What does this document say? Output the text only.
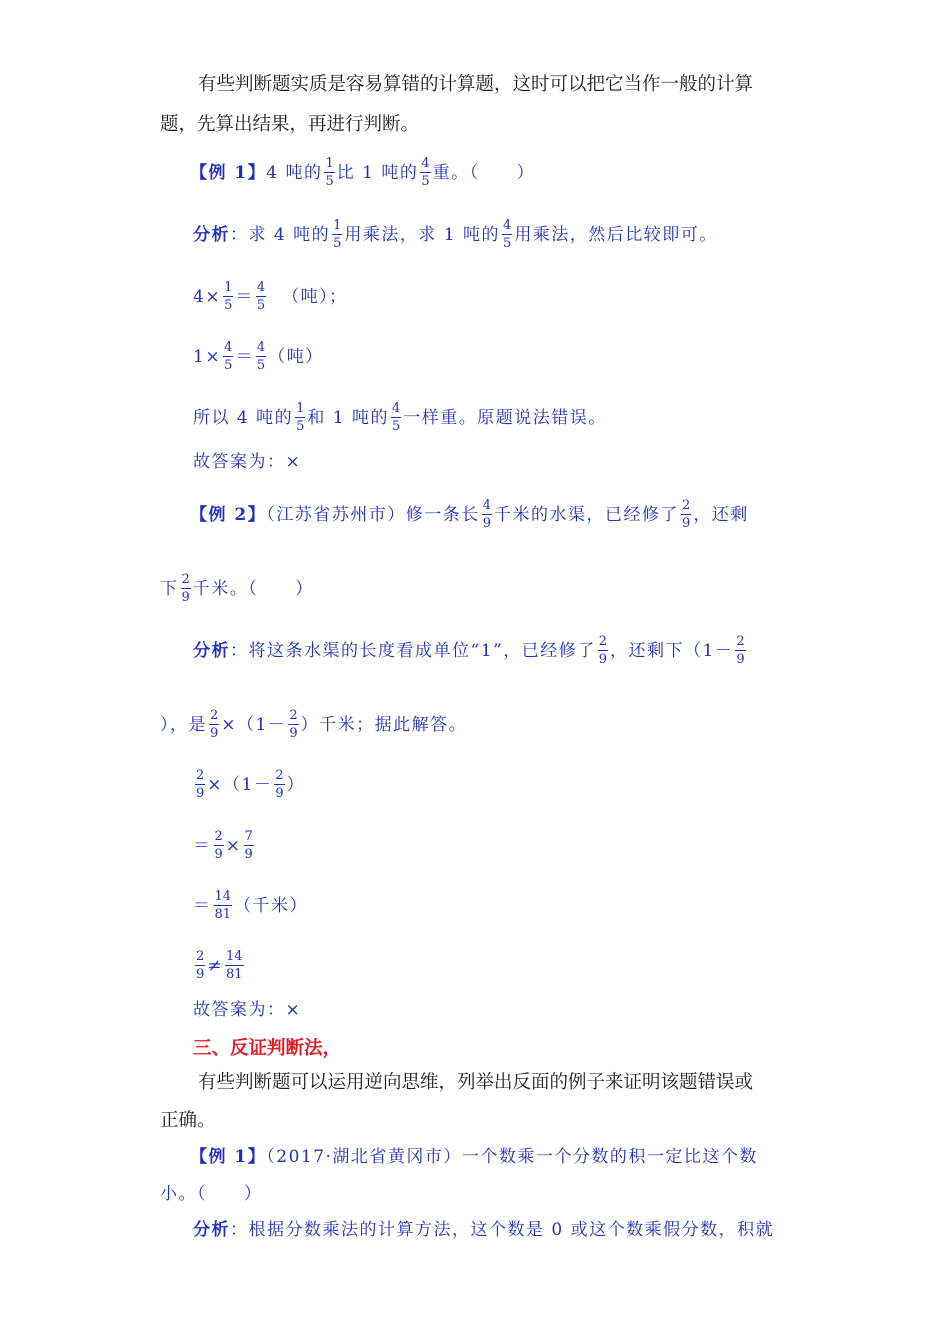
有些判断题实质是容易算错的计算题，这时可以把它当作一般的计算
题，先算出结果，再进行判断。
【例 1】4 吨的 $\frac{1}{5}$ 比 1 吨的 $\frac{4}{5}$ 重。（　　）
分析：求 4 吨的 $\frac{1}{5}$ 用乘法，求 1 吨的 $\frac{4}{5}$ 用乘法，然后比较即可。
$4\times \frac{1}{5} = \frac{4}{5}$ （吨）；
$1\times \frac{4}{5} = \frac{4}{5}$ （吨）
所以 4 吨的 $\frac{1}{5}$ 和 1 吨的 $\frac{4}{5}$ 一样重。原题说法错误。
故答案为：×
【例 2】（江苏省苏州市）修一条长 $\frac{4}{9}$ 千米的水渠，已经修了 $\frac{2}{9}$ ，还剩
下 $\frac{2}{9}$ 千米。（　　）
分析：将这条水渠的长度看成单位“1”，已经修了 $\frac{2}{9}$ ，还剩下（$1- \frac{2}{9}$
），是 $\frac{2}{9} \times(1- \frac{2}{9}$ ）千米；据此解答。
$\frac{2}{9} \times(1- \frac{2}{9}$ ）
＝ $\frac{2}{9} \times \frac{7}{9}$
＝ $\frac{14}{81}$ （千米）
$\frac{2}{9} \ne \frac{14}{81}$
故答案为：×
三、反证判断法，
有些判断题可以运用逆向思维，列举出反面的例子来证明该题错误或
正确。
【例 1】（2017·湖北省黄冈市）一个数乘一个分数的积一定比这个数
小。（　　）
分析：根据分数乘法的计算方法，这个数是 0 或这个数乘假分数，积就
